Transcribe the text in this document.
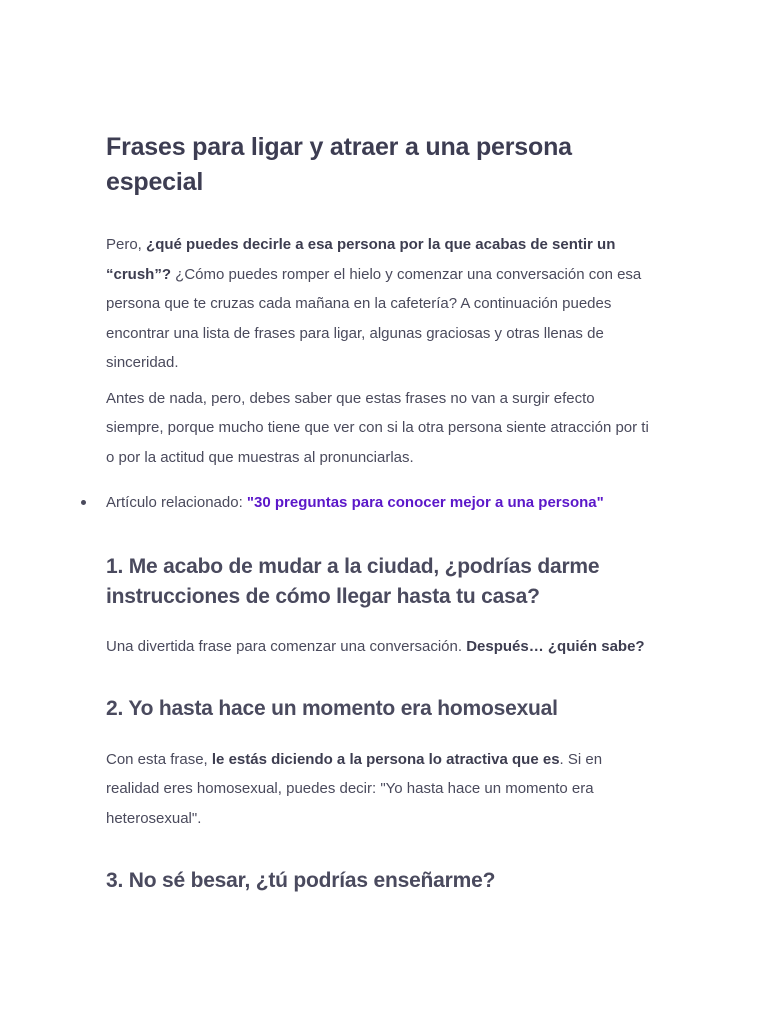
Frases para ligar y atraer a una persona especial

Pero, ¿qué puedes decirle a esa persona por la que acabas de sentir un “crush”? ¿Cómo puedes romper el hielo y comenzar una conversación con esa persona que te cruzas cada mañana en la cafetería? A continuación puedes encontrar una lista de frases para ligar, algunas graciosas y otras llenas de sinceridad.

Antes de nada, pero, debes saber que estas frases no van a surgir efecto siempre, porque mucho tiene que ver con si la otra persona siente atracción por ti o por la actitud que muestras al pronunciarlas.

Artículo relacionado: "30 preguntas para conocer mejor a una persona"
1. Me acabo de mudar a la ciudad, ¿podrías darme instrucciones de cómo llegar hasta tu casa?

Una divertida frase para comenzar una conversación. Después… ¿quién sabe?

2. Yo hasta hace un momento era homosexual

Con esta frase, le estás diciendo a la persona lo atractiva que es. Si en realidad eres homosexual, puedes decir: "Yo hasta hace un momento era heterosexual".

3. No sé besar, ¿tú podrías enseñarme?
